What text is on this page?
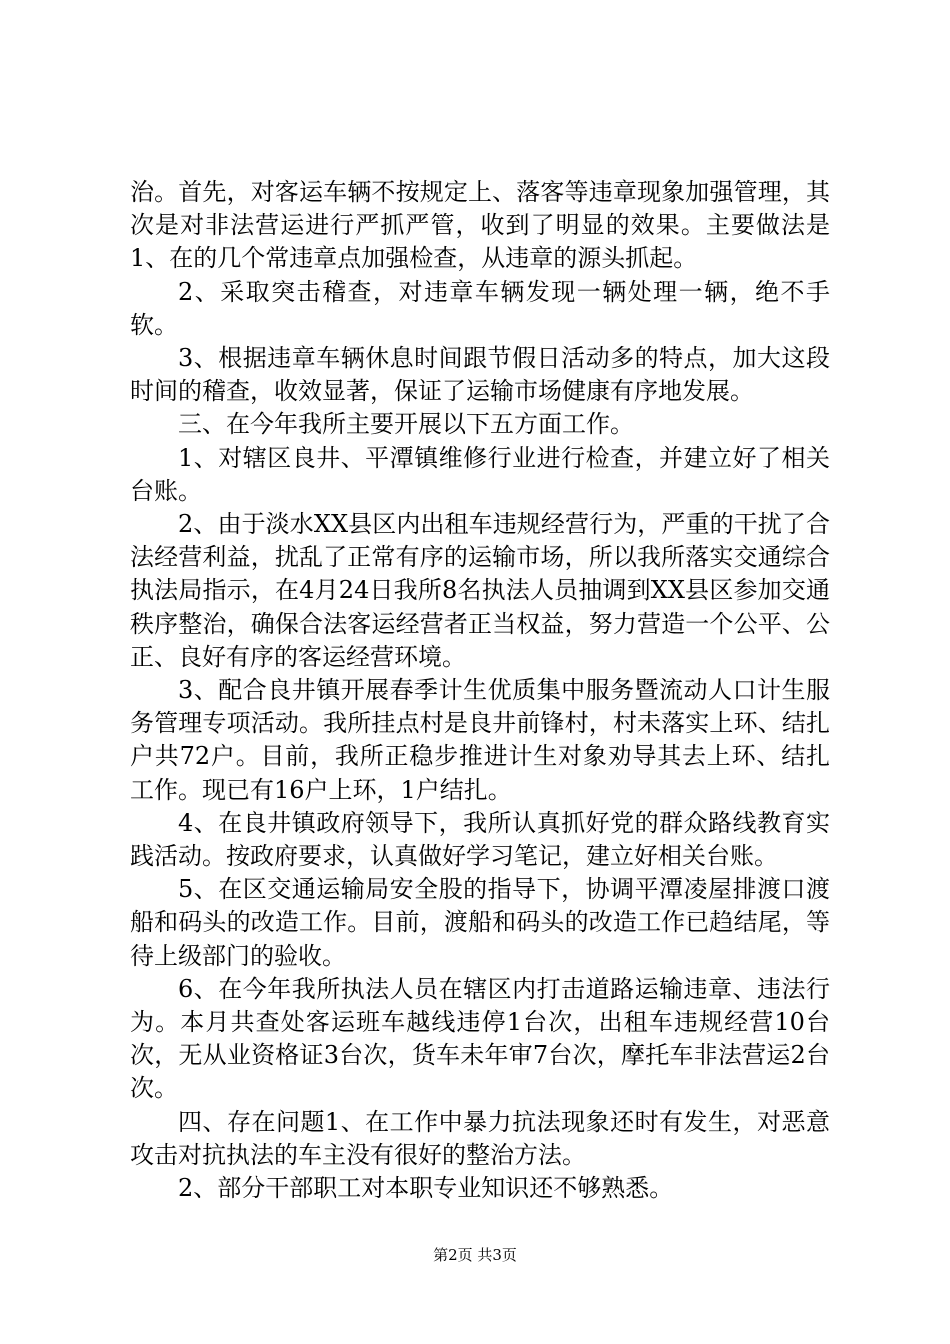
治。首先，对客运车辆不按规定上、落客等违章现象加强管理，其次是对非法营运进行严抓严管，收到了明显的效果。主要做法是1、在的几个常违章点加强检查，从违章的源头抓起。

2、采取突击稽查，对违章车辆发现一辆处理一辆，绝不手软。

3、根据违章车辆休息时间跟节假日活动多的特点，加大这段时间的稽查，收效显著，保证了运输市场健康有序地发展。

三、在今年我所主要开展以下五方面工作。

1、对辖区良井、平潭镇维修行业进行检查，并建立好了相关台账。

2、由于淡水XX县区内出租车违规经营行为，严重的干扰了合法经营利益，扰乱了正常有序的运输市场，所以我所落实交通综合执法局指示，在4月24日我所8名执法人员抽调到XX县区参加交通秩序整治，确保合法客运经营者正当权益，努力营造一个公平、公正、良好有序的客运经营环境。

3、配合良井镇开展春季计生优质集中服务暨流动人口计生服务管理专项活动。我所挂点村是良井前锋村，村未落实上环、结扎户共72户。目前，我所正稳步推进计生对象劝导其去上环、结扎工作。现已有16户上环，1户结扎。

4、在良井镇政府领导下，我所认真抓好党的群众路线教育实践活动。按政府要求，认真做好学习笔记，建立好相关台账。

5、在区交通运输局安全股的指导下，协调平潭凌屋排渡口渡船和码头的改造工作。目前，渡船和码头的改造工作已趋结尾，等待上级部门的验收。

6、在今年我所执法人员在辖区内打击道路运输违章、违法行为。本月共查处客运班车越线违停1台次，出租车违规经营10台次，无从业资格证3台次，货车未年审7台次，摩托车非法营运2台次。

四、存在问题1、在工作中暴力抗法现象还时有发生，对恶意攻击对抗执法的车主没有很好的整治方法。

2、部分干部职工对本职专业知识还不够熟悉。

第2页 共3页
